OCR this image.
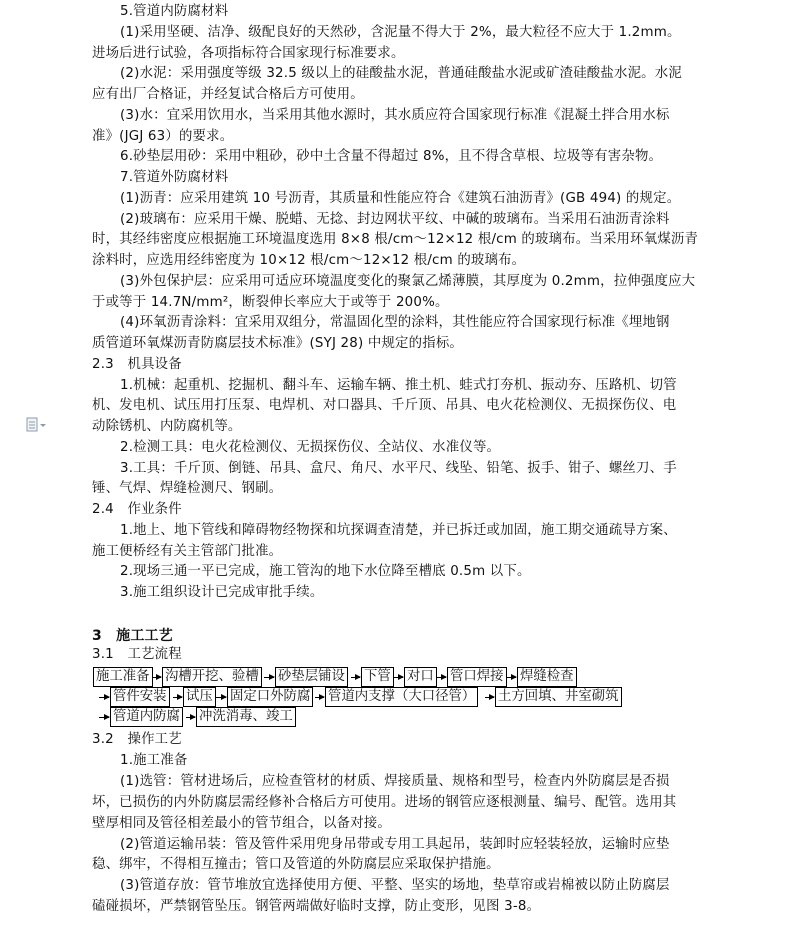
5.管道内防腐材料
(1)采用坚硬、洁净、级配良好的天然砂，含泥量不得大于 2%，最大粒径不应大于 1.2mm。
进场后进行试验，各项指标符合国家现行标准要求。
(2)水泥：采用强度等级 32.5 级以上的硅酸盐水泥，普通硅酸盐水泥或矿渣硅酸盐水泥。水泥
应有出厂合格证，并经复试合格后方可使用。
(3)水：宜采用饮用水，当采用其他水源时，其水质应符合国家现行标准《混凝土拌合用水标
准》(JGJ 63）的要求。
6.砂垫层用砂：采用中粗砂，砂中土含量不得超过 8%，且不得含草根、垃圾等有害杂物。
7.管道外防腐材料
(1)沥青：应采用建筑 10 号沥青，其质量和性能应符合《建筑石油沥青》(GB 494) 的规定。
(2)玻璃布：应采用干燥、脱蜡、无捻、封边网状平纹、中碱的玻璃布。当采用石油沥青涂料
时，其经纬密度应根据施工环境温度选用 8×8 根/cm～12×12 根/cm 的玻璃布。当采用环氧煤沥青
涂料时，应选用经纬密度为 10×12 根/cm～12×12 根/cm 的玻璃布。
(3)外包保护层：应采用可适应环境温度变化的聚氯乙烯薄膜，其厚度为 0.2mm，拉伸强度应大
于或等于 14.7N/mm²，断裂伸长率应大于或等于 200%。
(4)环氧沥青涂料：宜采用双组分，常温固化型的涂料，其性能应符合国家现行标准《埋地钢
质管道环氧煤沥青防腐层技术标准》(SYJ 28) 中规定的指标。
2.3　机具设备
1.机械：起重机、挖掘机、翻斗车、运输车辆、推土机、蛙式打夯机、振动夯、压路机、切管
机、发电机、试压用打压泵、电焊机、对口器具、千斤顶、吊具、电火花检测仪、无损探伤仪、电
动除锈机、内防腐机等。
2.检测工具：电火花检测仪、无损探伤仪、全站仪、水准仪等。
3.工具：千斤顶、倒链、吊具、盒尺、角尺、水平尺、线坠、铅笔、扳手、钳子、螺丝刀、手
锤、气焊、焊缝检测尺、钢刷。
2.4　作业条件
1.地上、地下管线和障碍物经物探和坑探调查清楚，并已拆迁或加固，施工期交通疏导方案、
施工便桥经有关主管部门批准。
2.现场三通一平已完成，施工管沟的地下水位降至槽底 0.5m 以下。
3.施工组织设计已完成审批手续。
3　施工工艺
3.1　工艺流程
施工准备 沟槽开挖、验槽 砂垫层铺设 下管 对口 管口焊接 焊缝检查
管件安装 试压 固定口外防腐 管道内支撑（大口径管） 土方回填、井室砌筑
管道内防腐 冲洗消毒、竣工
3.2　操作工艺
1.施工准备
(1)选管：管材进场后，应检查管材的材质、焊接质量、规格和型号，检查内外防腐层是否损
坏，已损伤的内外防腐层需经修补合格后方可使用。进场的钢管应逐根测量、编号、配管。选用其
壁厚相同及管径相差最小的管节组合，以备对接。
(2)管道运输吊装：管及管件采用兜身吊带或专用工具起吊，装卸时应轻装轻放，运输时应垫
稳、绑牢，不得相互撞击；管口及管道的外防腐层应采取保护措施。
(3)管道存放：管节堆放宜选择使用方便、平整、坚实的场地，垫草帘或岩棉被以防止防腐层
磕碰损坏，严禁钢管坠压。钢管两端做好临时支撑，防止变形，见图 3-8。
